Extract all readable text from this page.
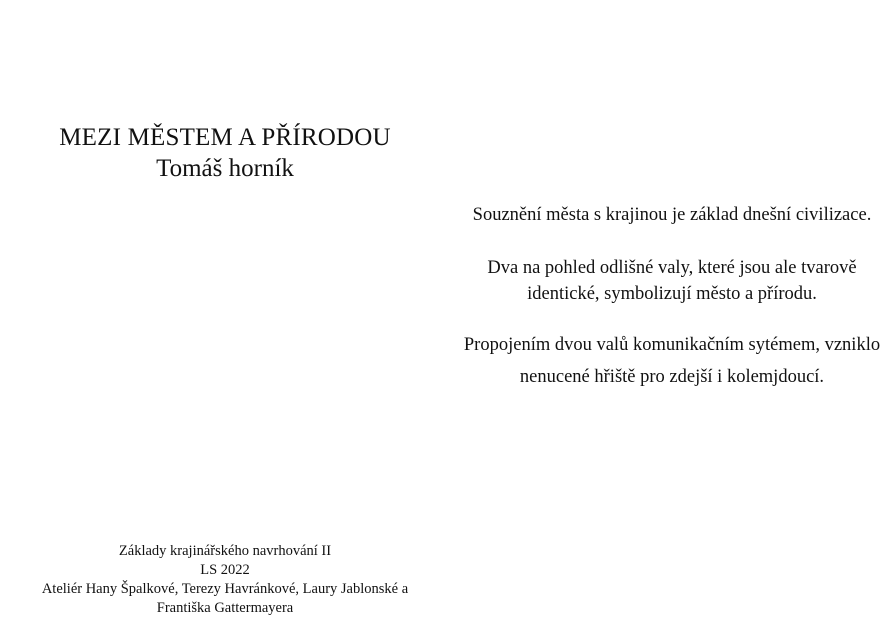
MEZI MĚSTEM A PŘÍRODOU
Tomáš horník

Souznění města s krajinou je základ dnešní civilizace.

Dva na pohled odlišné valy, které jsou ale tvarově identické, symbolizují město a přírodu.

Propojením dvou valů komunikačním sytémem, vzniklo nenucené hřiště pro zdejší i kolemjdoucí.

Základy krajinářského navrhování II
LS 2022
Ateliér Hany Špalkové, Terezy Havránkové, Laury Jablonské a
Františka Gattermayera
